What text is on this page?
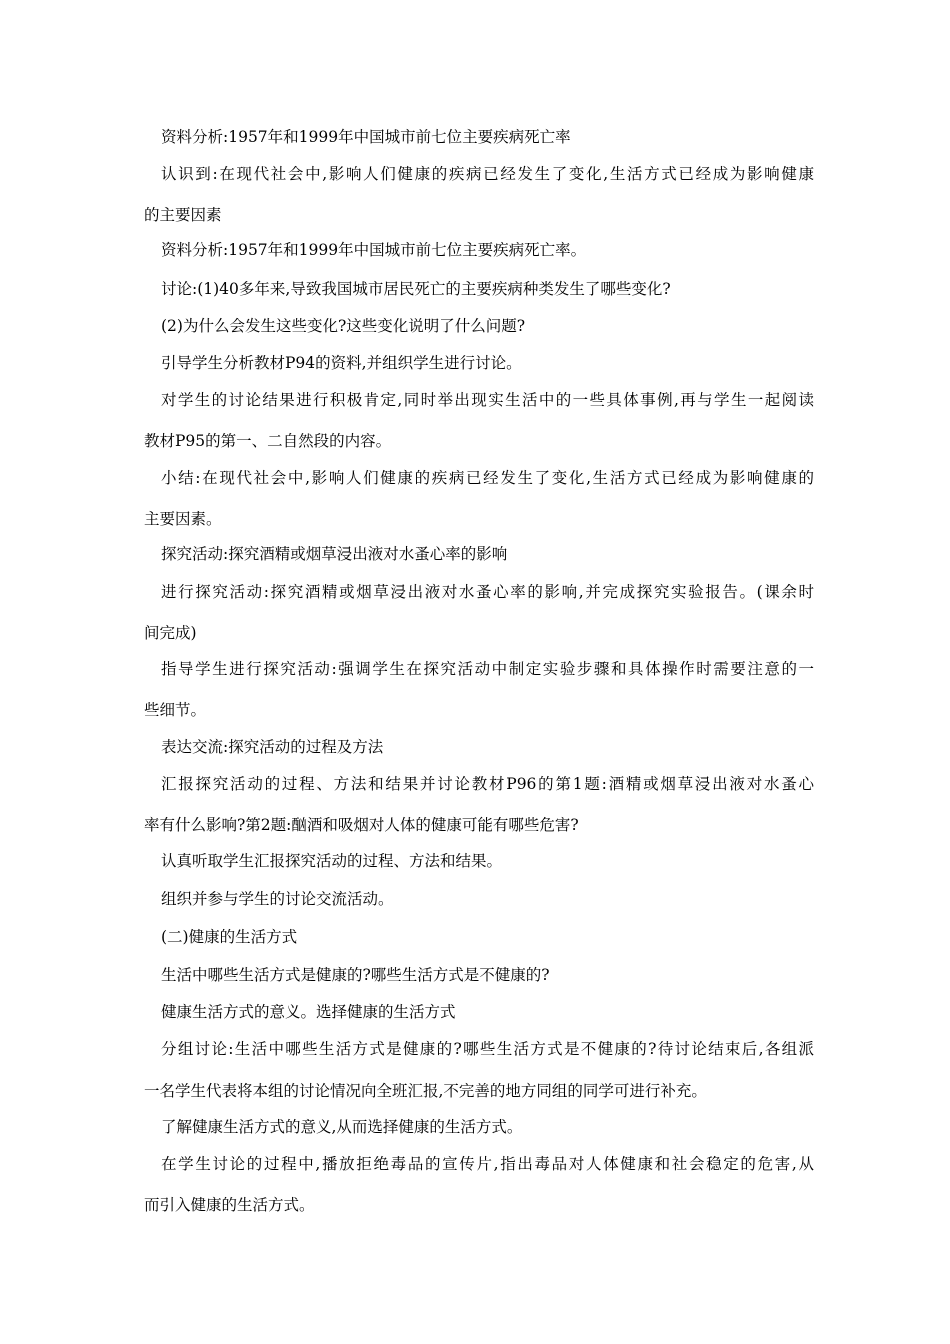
资料分析:1957年和1999年中国城市前七位主要疾病死亡率
认识到:在现代社会中,影响人们健康的疾病已经发生了变化,生活方式已经成为影响健康
的主要因素
资料分析:1957年和1999年中国城市前七位主要疾病死亡率。
讨论:(1)40多年来,导致我国城市居民死亡的主要疾病种类发生了哪些变化?
(2)为什么会发生这些变化?这些变化说明了什么问题?
引导学生分析教材P94的资料,并组织学生进行讨论。
对学生的讨论结果进行积极肯定,同时举出现实生活中的一些具体事例,再与学生一起阅读
教材P95的第一、二自然段的内容。
小结:在现代社会中,影响人们健康的疾病已经发生了变化,生活方式已经成为影响健康的
主要因素。
探究活动:探究酒精或烟草浸出液对水蚤心率的影响
进行探究活动:探究酒精或烟草浸出液对水蚤心率的影响,并完成探究实验报告。(课余时
间完成)
指导学生进行探究活动:强调学生在探究活动中制定实验步骤和具体操作时需要注意的一
些细节。
表达交流:探究活动的过程及方法
汇报探究活动的过程、方法和结果并讨论教材P96的第1题:酒精或烟草浸出液对水蚤心
率有什么影响?第2题:酗酒和吸烟对人体的健康可能有哪些危害?
认真听取学生汇报探究活动的过程、方法和结果。
组织并参与学生的讨论交流活动。
(二)健康的生活方式
生活中哪些生活方式是健康的?哪些生活方式是不健康的?
健康生活方式的意义。选择健康的生活方式
分组讨论:生活中哪些生活方式是健康的?哪些生活方式是不健康的?待讨论结束后,各组派
一名学生代表将本组的讨论情况向全班汇报,不完善的地方同组的同学可进行补充。
了解健康生活方式的意义,从而选择健康的生活方式。
在学生讨论的过程中,播放拒绝毒品的宣传片,指出毒品对人体健康和社会稳定的危害,从
而引入健康的生活方式。
